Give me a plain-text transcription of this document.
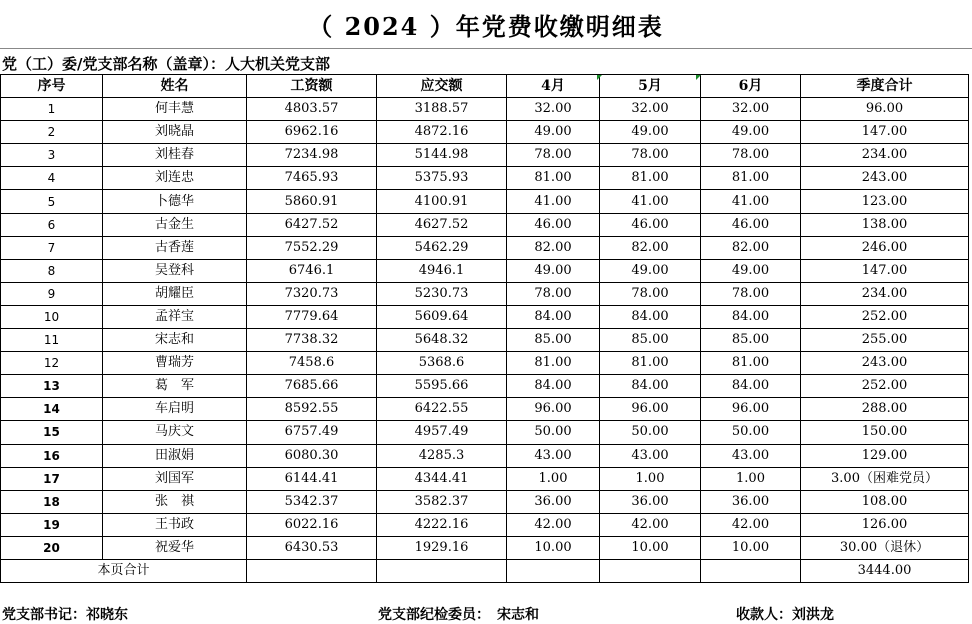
（ 2024 ）年党费收缴明细表
党（工）委/党支部名称（盖章）：人大机关党支部
序号	姓名	工资额	应交额	4月	5月	6月	季度合计
1	何丰慧	4803.57	3188.57	32.00	32.00	32.00	96.00
2	刘晓晶	6962.16	4872.16	49.00	49.00	49.00	147.00
3	刘桂春	7234.98	5144.98	78.00	78.00	78.00	234.00
4	刘连忠	7465.93	5375.93	81.00	81.00	81.00	243.00
5	卜德华	5860.91	4100.91	41.00	41.00	41.00	123.00
6	古金生	6427.52	4627.52	46.00	46.00	46.00	138.00
7	古香莲	7552.29	5462.29	82.00	82.00	82.00	246.00
8	吴登科	6746.1	4946.1	49.00	49.00	49.00	147.00
9	胡耀臣	7320.73	5230.73	78.00	78.00	78.00	234.00
10	孟祥宝	7779.64	5609.64	84.00	84.00	84.00	252.00
11	宋志和	7738.32	5648.32	85.00	85.00	85.00	255.00
12	曹瑞芳	7458.6	5368.6	81.00	81.00	81.00	243.00
13	葛　军	7685.66	5595.66	84.00	84.00	84.00	252.00
14	车启明	8592.55	6422.55	96.00	96.00	96.00	288.00
15	马庆文	6757.49	4957.49	50.00	50.00	50.00	150.00
16	田淑娟	6080.30	4285.3	43.00	43.00	43.00	129.00
17	刘国军	6144.41	4344.41	1.00	1.00	1.00	3.00（困难党员）
18	张　祺	5342.37	3582.37	36.00	36.00	36.00	108.00
19	王书政	6022.16	4222.16	42.00	42.00	42.00	126.00
20	祝爱华	6430.53	1929.16	10.00	10.00	10.00	30.00（退休）
本页合计							3444.00
党支部书记：祁晓东	党支部纪检委员：　宋志和	收款人：刘洪龙
